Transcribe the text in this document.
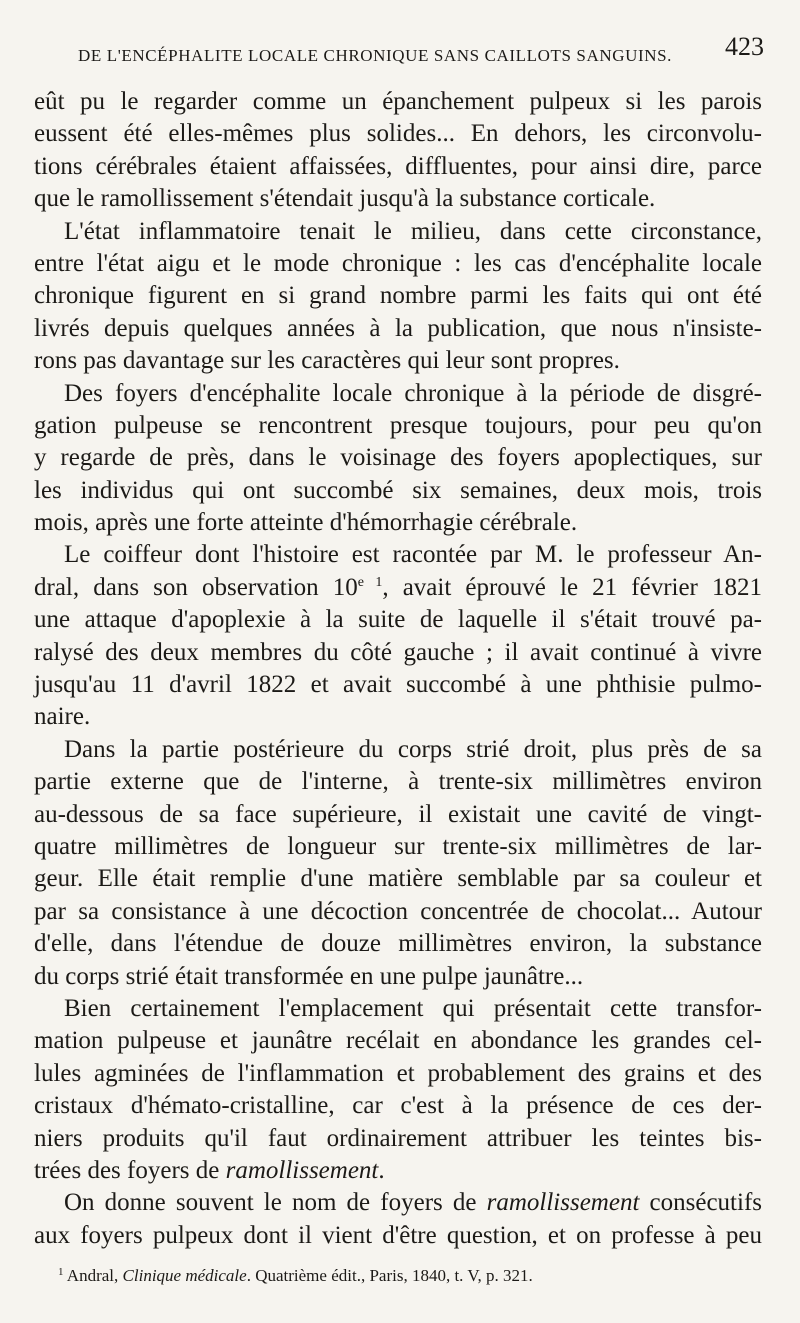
DE L'ENCÉPHALITE LOCALE CHRONIQUE SANS CAILLOTS SANGUINS. 423
eût pu le regarder comme un épanchement pulpeux si les parois
eussent été elles-mêmes plus solides... En dehors, les circonvolu-
tions cérébrales étaient affaissées, diffluentes, pour ainsi dire, parce
que le ramollissement s'étendait jusqu'à la substance corticale.
L'état inflammatoire tenait le milieu, dans cette circonstance,
entre l'état aigu et le mode chronique : les cas d'encéphalite locale
chronique figurent en si grand nombre parmi les faits qui ont été
livrés depuis quelques années à la publication, que nous n'insiste-
rons pas davantage sur les caractères qui leur sont propres.
Des foyers d'encéphalite locale chronique à la période de disgré-
gation pulpeuse se rencontrent presque toujours, pour peu qu'on
y regarde de près, dans le voisinage des foyers apoplectiques, sur
les individus qui ont succombé six semaines, deux mois, trois
mois, après une forte atteinte d'hémorrhagie cérébrale.
Le coiffeur dont l'histoire est racontée par M. le professeur An-
dral, dans son observation $10^{e 1}$, avait éprouvé le 21 février 1821
une attaque d'apoplexie à la suite de laquelle il s'était trouvé pa-
ralysé des deux membres du côté gauche ; il avait continué à vivre
jusqu'au 11 d'avril 1822 et avait succombé à une phthisie pulmo-
naire.
Dans la partie postérieure du corps strié droit, plus près de sa
partie externe que de l'interne, à trente-six millimètres environ
au-dessous de sa face supérieure, il existait une cavité de vingt-
quatre millimètres de longueur sur trente-six millimètres de lar-
geur. Elle était remplie d'une matière semblable par sa couleur et
par sa consistance à une décoction concentrée de chocolat... Autour
d'elle, dans l'étendue de douze millimètres environ, la substance
du corps strié était transformée en une pulpe jaunâtre...
Bien certainement l'emplacement qui présentait cette transfor-
mation pulpeuse et jaunâtre recélait en abondance les grandes cel-
lules agminées de l'inflammation et probablement des grains et des
cristaux d'hémato-cristalline, car c'est à la présence de ces der-
niers produits qu'il faut ordinairement attribuer les teintes bis-
trées des foyers de ramollissement.
On donne souvent le nom de foyers de ramollissement consécutifs
aux foyers pulpeux dont il vient d'être question, et on professe à peu
$^1$ Andral, Clinique médicale. Quatrième édit., Paris, 1840, t. V, p. 321.
